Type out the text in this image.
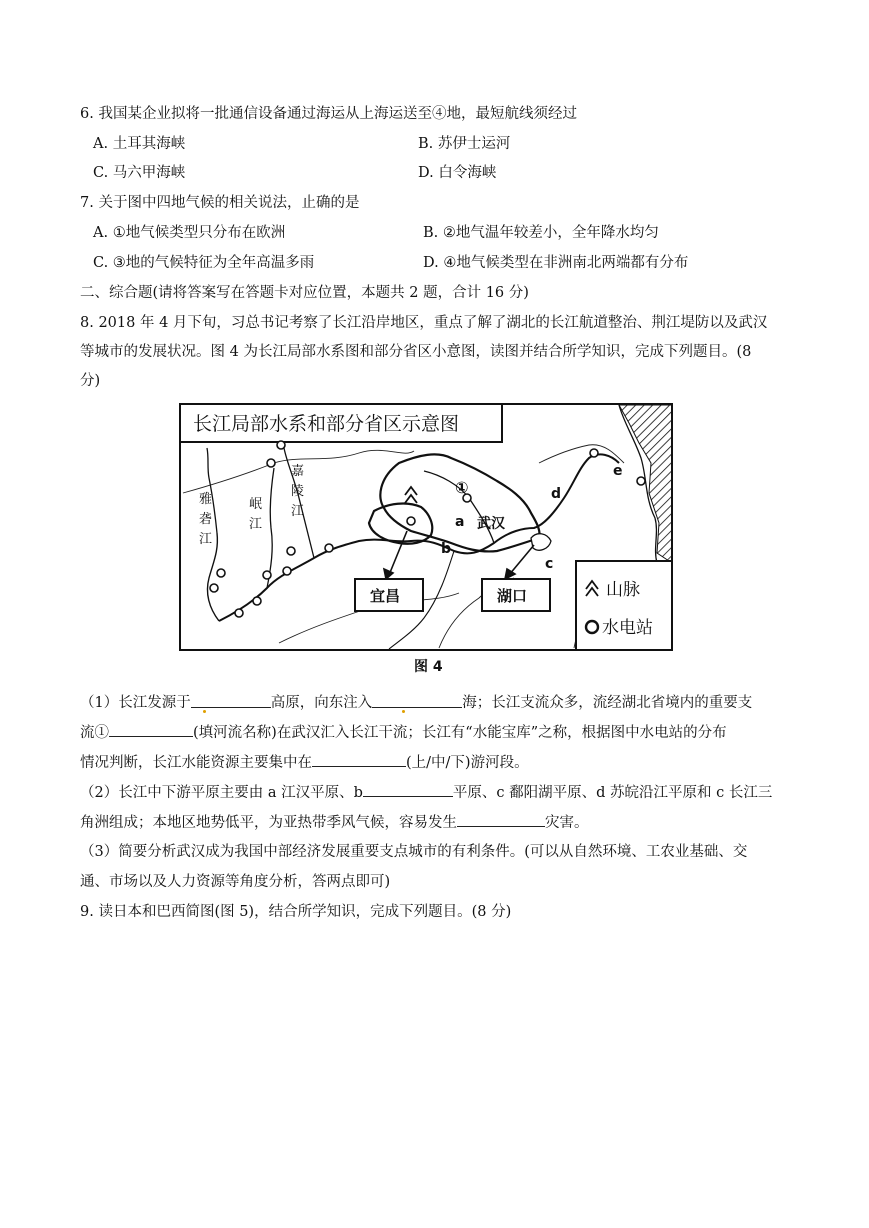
6. 我国某企业拟将一批通信设备通过海运从上海运送至④地，最短航线须经过
A. 土耳其海峡	B. 苏伊士运河
C. 马六甲海峡	D. 白令海峡
7. 关于图中四地气候的相关说法，止确的是
A. ①地气候类型只分布在欧洲	B. ②地气温年较差小，全年降水均匀
C. ③地的气候特征为全年高温多雨	D. ④地气候类型在非洲南北两端都有分布
二、综合题(请将答案写在答题卡对应位置，本题共 2 题，合计 16 分)
8. 2018 年 4 月下旬，习总书记考察了长江沿岸地区，重点了解了湖北的长江航道整治、荆江堤防以及武汉
等城市的发展状况。图 4 为长江局部水系图和部分省区小意图，读图并结合所学知识，完成下列题目。(8
分)
长江局部水系和部分省区示意图
雅
砻
江
岷
江
嘉
陵
江
①
a
b
c
d
e
武汉
宜昌	湖口	山脉
水电站
图 4
（1）长江发源于	高原，向东注入	海；长江支流众多，流经湖北省境内的重要支
流①	(填河流名称)在武汉汇入长江干流；长江有“水能宝库”之称，根据图中水电站的分布
情况判断，长江水能资源主要集中在	(上/中/下)游河段。
（2）长江中下游平原主要由 a 江汉平原、b	平原、c 鄱阳湖平原、d 苏皖沿江平原和 c 长江三
角洲组成；本地区地势低平，为亚热带季风气候，容易发生	灾害。
（3）简要分析武汉成为我国中部经济发展重要支点城市的有利条件。(可以从自然环境、工农业基础、交
通、市场以及人力资源等角度分析，答两点即可)
9. 读日本和巴西简图(图 5)，结合所学知识，完成下列题目。(8 分)
